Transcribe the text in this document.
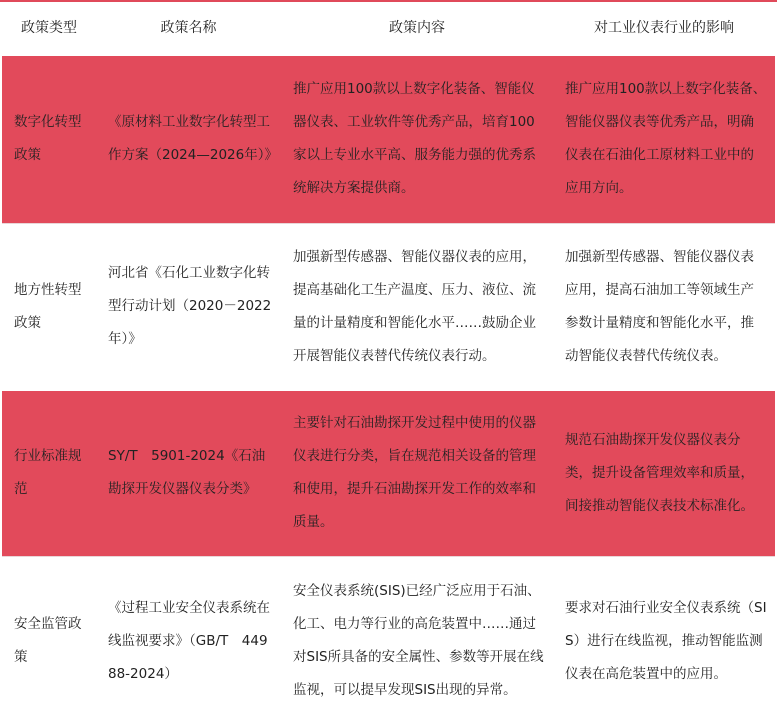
政策类型	政策名称	政策内容	对工业仪表行业的影响
数字化转型政策	《原材料工业数字化转型工作方案（2024—2026年）》	推广应用100款以上数字化装备、智能仪器仪表、工业软件等优秀产品，培育100家以上专业水平高、服务能力强的优秀系统解决方案提供商。	推广应用100款以上数字化装备、智能仪器仪表等优秀产品，明确仪表在石油化工原材料工业中的应用方向。
地方性转型政策	河北省《石化工业数字化转型行动计划（2020－2022年）》	加强新型传感器、智能仪器仪表的应用，提高基础化工生产温度、压力、液位、流量的计量精度和智能化水平……鼓励企业开展智能仪表替代传统仪表行动。	加强新型传感器、智能仪器仪表应用，提高石油加工等领域生产参数计量精度和智能化水平，推动智能仪表替代传统仪表。
行业标准规范	SY/T　5901-2024《石油勘探开发仪器仪表分类》	主要针对石油勘探开发过程中使用的仪器仪表进行分类，旨在规范相关设备的管理和使用，提升石油勘探开发工作的效率和质量。	规范石油勘探开发仪器仪表分类，提升设备管理效率和质量，间接推动智能仪表技术标准化。
安全监管政策	《过程工业安全仪表系统在线监视要求》（GB/T　44988-2024）	安全仪表系统(SIS)已经广泛应用于石油、化工、电力等行业的高危装置中……通过对SIS所具备的安全属性、参数等开展在线监视，可以提早发现SIS出现的异常。	要求对石油行业安全仪表系统（SIS）进行在线监视，推动智能监测仪表在高危装置中的应用。
